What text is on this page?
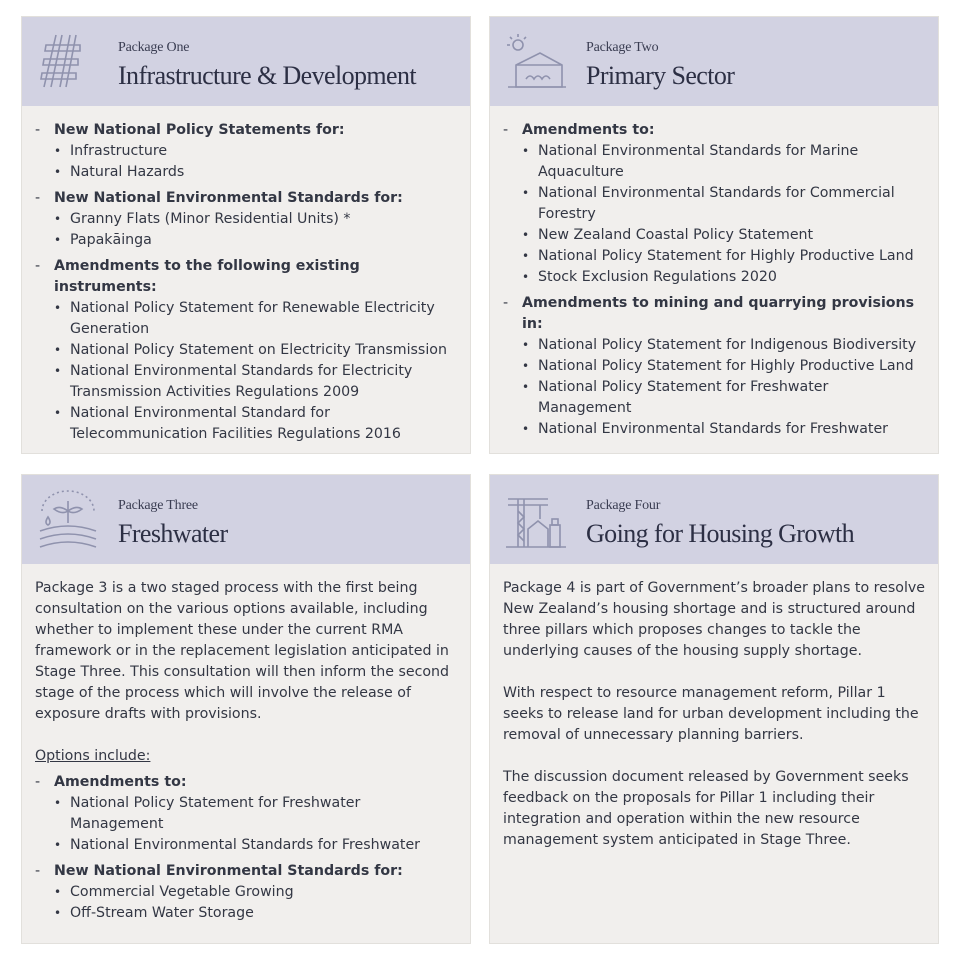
Package One
Infrastructure & Development
- New National Policy Statements for:
• Infrastructure
• Natural Hazards
- New National Environmental Standards for:
• Granny Flats (Minor Residential Units) *
• Papakāinga
- Amendments to the following existing instruments:
• National Policy Statement for Renewable Electricity Generation
• National Policy Statement on Electricity Transmission
• National Environmental Standards for Electricity Transmission Activities Regulations 2009
• National Environmental Standard for Telecommunication Facilities Regulations 2016
Package Two
Primary Sector
- Amendments to:
• National Environmental Standards for Marine Aquaculture
• National Environmental Standards for Commercial Forestry
• New Zealand Coastal Policy Statement
• National Policy Statement for Highly Productive Land
• Stock Exclusion Regulations 2020
- Amendments to mining and quarrying provisions in:
• National Policy Statement for Indigenous Biodiversity
• National Policy Statement for Highly Productive Land
• National Policy Statement for Freshwater Management
• National Environmental Standards for Freshwater
Package Three
Freshwater

Package 3 is a two staged process with the first being consultation on the various options available, including whether to implement these under the current RMA framework or in the replacement legislation anticipated in Stage Three. This consultation will then inform the second stage of the process which will involve the release of exposure drafts with provisions.

Options include:

- Amendments to:
• National Policy Statement for Freshwater Management
• National Environmental Standards for Freshwater
- New National Environmental Standards for:
• Commercial Vegetable Growing
• Off-Stream Water Storage
Package Four
Going for Housing Growth

Package 4 is part of Government’s broader plans to resolve New Zealand’s housing shortage and is structured around three pillars which proposes changes to tackle the underlying causes of the housing supply shortage.

With respect to resource management reform, Pillar 1 seeks to release land for urban development including the removal of unnecessary planning barriers.

The discussion document released by Government seeks feedback on the proposals for Pillar 1 including their integration and operation within the new resource management system anticipated in Stage Three.
